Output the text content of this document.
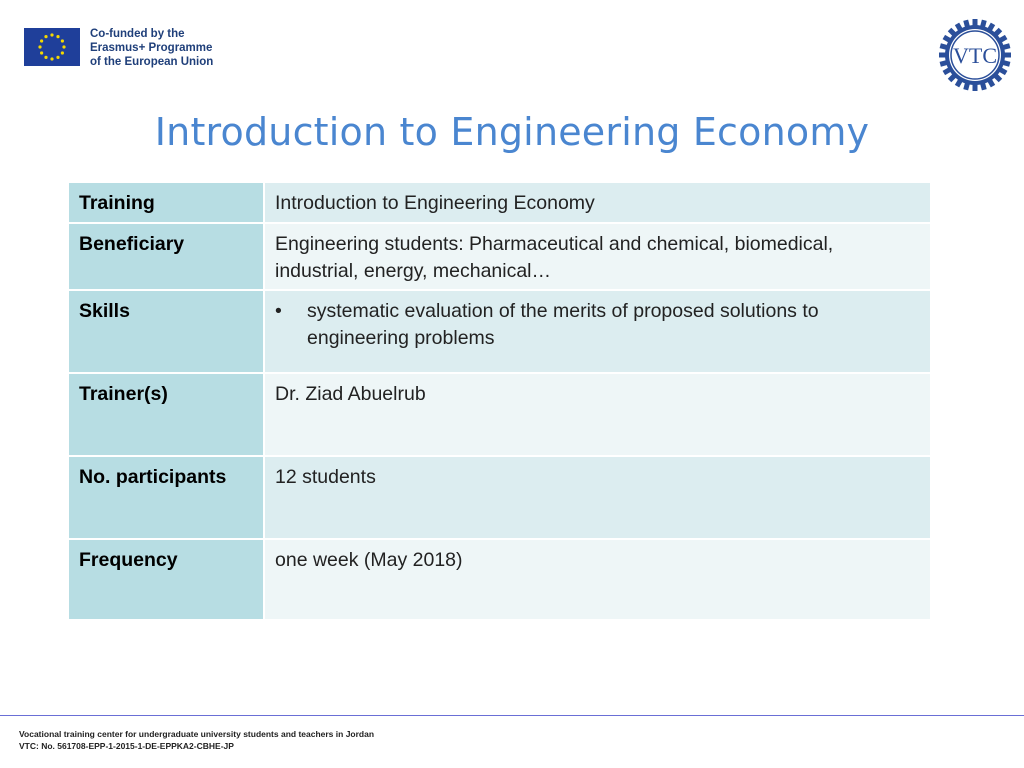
Co-funded by the
Erasmus+ Programme
of the European Union	VTC
Introduction to Engineering Economy
Training	Introduction to Engineering Economy
Beneficiary	Engineering students: Pharmaceutical and chemical, biomedical, industrial, energy, mechanical…
Skills	•	systematic evaluation of the merits of proposed solutions to engineering problems
Trainer(s)	Dr. Ziad Abuelrub
No. participants	12 students
Frequency	one week (May 2018)
Vocational training center for undergraduate university students and teachers in Jordan
VTC: No. 561708-EPP-1-2015-1-DE-EPPKA2-CBHE-JP
